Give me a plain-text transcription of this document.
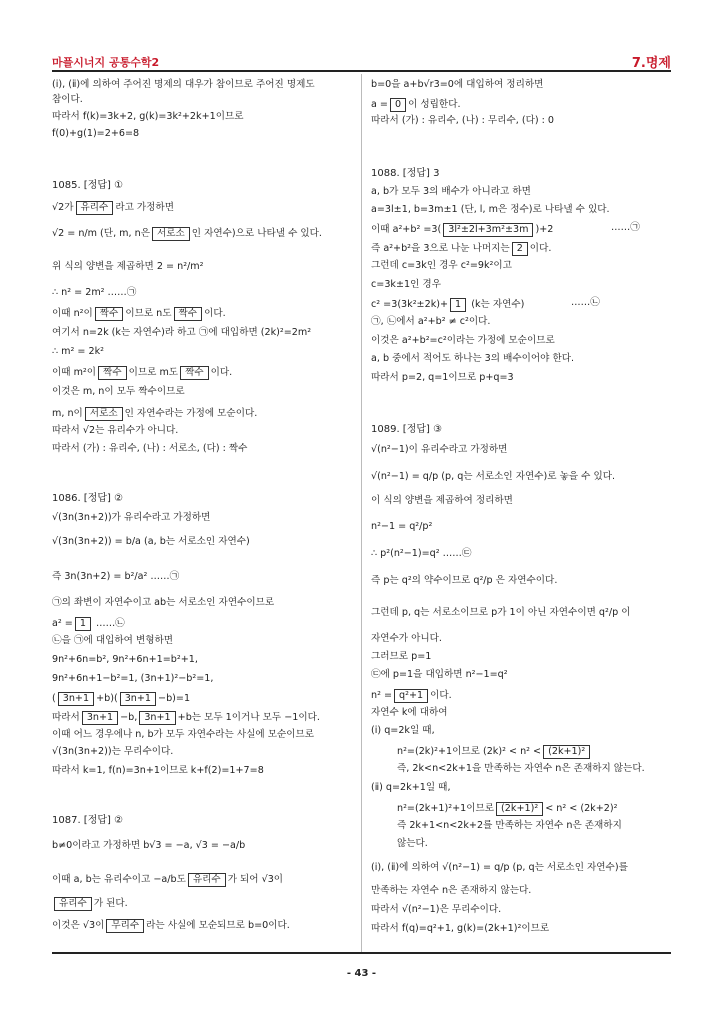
마플시너지 공통수학2	7.명제
(ⅰ), (ⅱ)에 의하여 주어진 명제의 대우가 참이므로 주어진 명제도
참이다.
따라서 f(k)=3k+2, g(k)=3k²+2k+1이므로
f(0)+g(1)=2+6=8
1085. [정답] ①
√2가 유리수 라고 가정하면
√2 = n/m (단, m, n은 서로소 인 자연수)으로 나타낼 수 있다.
위 식의 양변을 제곱하면 2 = n²/m²
∴ n² = 2m² ……㉠
이때 n²이 짝수 이므로 n도 짝수 이다.
여기서 n=2k (k는 자연수)라 하고 ㉠에 대입하면 (2k)²=2m²
∴ m² = 2k²
이때 m²이 짝수 이므로 m도 짝수 이다.
이것은 m, n이 모두 짝수이므로
m, n이 서로소 인 자연수라는 가정에 모순이다.
따라서 √2는 유리수가 아니다.
따라서 (가) : 유리수, (나) : 서로소, (다) : 짝수
1086. [정답] ②
√(3n(3n+2))가 유리수라고 가정하면
√(3n(3n+2)) = b/a (a, b는 서로소인 자연수)
즉 3n(3n+2) = b²/a² ……㉠
㉠의 좌변이 자연수이고 ab는 서로소인 자연수이므로
a² = 1 ……㉡
㉡을 ㉠에 대입하여 변형하면
9n²+6n=b², 9n²+6n+1=b²+1,
9n²+6n+1−b²=1, (3n+1)²−b²=1,
( 3n+1 +b)( 3n+1 −b)=1
따라서 3n+1 −b, 3n+1 +b는 모두 1이거나 모두 −1이다.
이때 어느 경우에나 n, b가 모두 자연수라는 사실에 모순이므로
√(3n(3n+2))는 무리수이다.
따라서 k=1, f(n)=3n+1이므로 k+f(2)=1+7=8
1087. [정답] ②
b≠0이라고 가정하면 b√3 = −a, √3 = −a/b
이때 a, b는 유리수이고 −a/b도 유리수 가 되어 √3이
유리수 가 된다.
이것은 √3이 무리수 라는 사실에 모순되므로 b=0이다.
b=0을 a+b√r3=0에 대입하여 정리하면
a = 0 이 성립한다.
따라서 (가) : 유리수, (나) : 무리수, (다) : 0
1088. [정답] 3
a, b가 모두 3의 배수가 아니라고 하면
a=3l±1, b=3m±1 (단, l, m은 정수)로 나타낼 수 있다.
이때 a²+b² =3( 3l²±2l+3m²±3m )+2	……㉠
즉 a²+b²을 3으로 나눈 나머지는 2 이다.
그런데 c=3k인 경우 c²=9k²이고
c=3k±1인 경우
c² =3(3k²±2k)+ 1 (k는 자연수)	……㉡
㉠, ㉡에서 a²+b² ≠ c²이다.
이것은 a²+b²=c²이라는 가정에 모순이므로
a, b 중에서 적어도 하나는 3의 배수이어야 한다.
따라서 p=2, q=1이므로 p+q=3
1089. [정답] ③
√(n²−1)이 유리수라고 가정하면
√(n²−1) = q/p (p, q는 서로소인 자연수)로 놓을 수 있다.
이 식의 양변을 제곱하여 정리하면
n²−1 = q²/p²
∴ p²(n²−1)=q² ……㉢
즉 p는 q²의 약수이므로 q²/p 은 자연수이다.
그런데 p, q는 서로소이므로 p가 1이 아닌 자연수이면 q²/p 이
자연수가 아니다.
그러므로 p=1
㉢에 p=1을 대입하면 n²−1=q²
n² = q²+1 이다.
자연수 k에 대하여
(ⅰ) q=2k일 때,
n²=(2k)²+1이므로 (2k)² < n² < (2k+1)²
즉, 2k<n<2k+1을 만족하는 자연수 n은 존재하지 않는다.
(ⅱ) q=2k+1일 때,
n²=(2k+1)²+1이므로 (2k+1)² < n² < (2k+2)²
즉 2k+1<n<2k+2를 만족하는 자연수 n은 존재하지
않는다.
(ⅰ), (ⅱ)에 의하여 √(n²−1) = q/p (p, q는 서로소인 자연수)를
만족하는 자연수 n은 존재하지 않는다.
따라서 √(n²−1)은 무리수이다.
따라서 f(q)=q²+1, g(k)=(2k+1)²이므로
- 43 -
